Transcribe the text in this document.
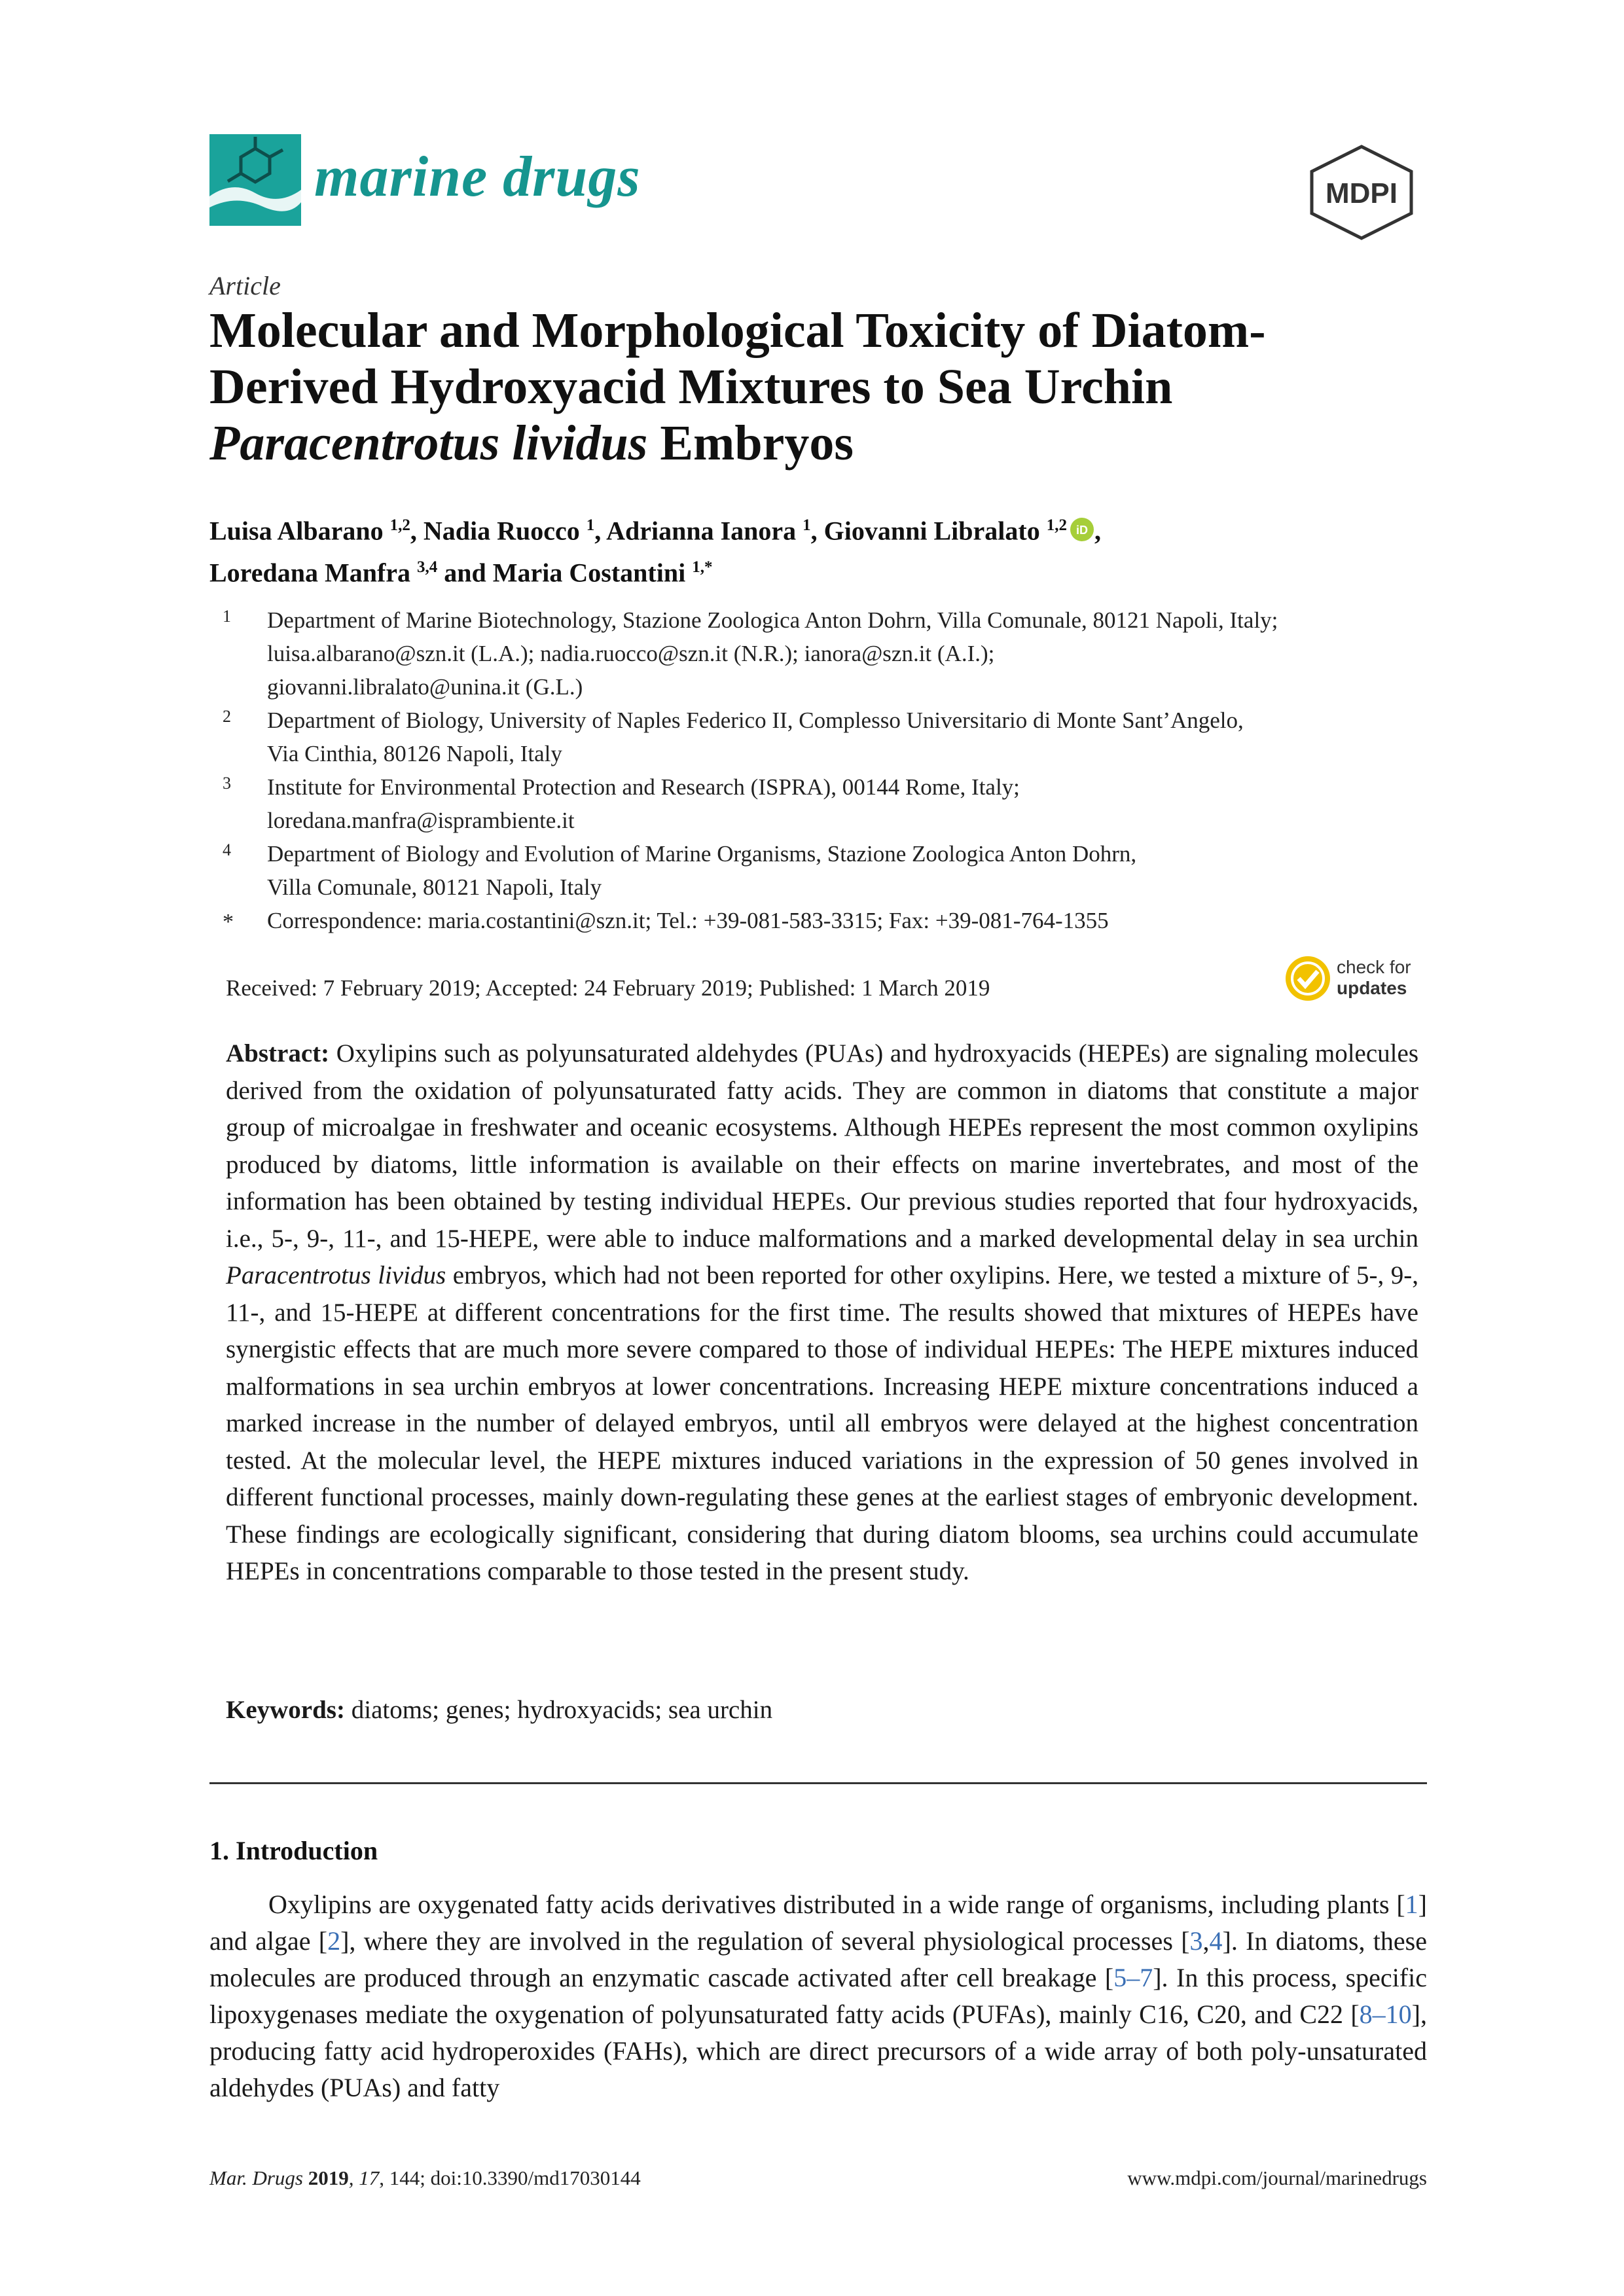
marine drugs	MDPI
Article
Molecular and Morphological Toxicity of Diatom-
Derived Hydroxyacid Mixtures to Sea Urchin
Paracentrotus lividus Embryos
Luisa Albarano $^{1,2}$, Nadia Ruocco $^1$, Adrianna Ianora $^1$, Giovanni Libralato $^{1,2}$ iD ,
Loredana Manfra $^{3,4}$ and Maria Costantini $^{1,*}$
1 Department of Marine Biotechnology, Stazione Zoologica Anton Dohrn, Villa Comunale, 80121 Napoli, Italy;
luisa.albarano@szn.it (L.A.); nadia.ruocco@szn.it (N.R.); ianora@szn.it (A.I.);
giovanni.libralato@unina.it (G.L.)
2 Department of Biology, University of Naples Federico II, Complesso Universitario di Monte Sant’Angelo,
Via Cinthia, 80126 Napoli, Italy
3 Institute for Environmental Protection and Research (ISPRA), 00144 Rome, Italy;
loredana.manfra@isprambiente.it
4 Department of Biology and Evolution of Marine Organisms, Stazione Zoologica Anton Dohrn,
Villa Comunale, 80121 Napoli, Italy
* Correspondence: maria.costantini@szn.it; Tel.: +39-081-583-3315; Fax: +39-081-764-1355
Received: 7 February 2019; Accepted: 24 February 2019; Published: 1 March 2019
check for
updates
Abstract: Oxylipins such as polyunsaturated aldehydes (PUAs) and hydroxyacids (HEPEs) are signaling molecules derived from the oxidation of polyunsaturated fatty acids. They are common in diatoms that constitute a major group of microalgae in freshwater and oceanic ecosystems. Although HEPEs represent the most common oxylipins produced by diatoms, little information is available on their effects on marine invertebrates, and most of the information has been obtained by testing individual HEPEs. Our previous studies reported that four hydroxyacids, i.e., 5-, 9-, 11-, and 15-HEPE, were able to induce malformations and a marked developmental delay in sea urchin Paracentrotus lividus embryos, which had not been reported for other oxylipins. Here, we tested a mixture of 5-, 9-, 11-, and 15-HEPE at different concentrations for the first time. The results showed that mixtures of HEPEs have synergistic effects that are much more severe compared to those of individual HEPEs: The HEPE mixtures induced malformations in sea urchin embryos at lower concentrations. Increasing HEPE mixture concentrations induced a marked increase in the number of delayed embryos, until all embryos were delayed at the highest concentration tested. At the molecular level, the HEPE mixtures induced variations in the expression of 50 genes involved in different functional processes, mainly down-regulating these genes at the earliest stages of embryonic development. These findings are ecologically significant, considering that during diatom blooms, sea urchins could accumulate HEPEs in concentrations comparable to those tested in the present study.
Keywords: diatoms; genes; hydroxyacids; sea urchin
1. Introduction
Oxylipins are oxygenated fatty acids derivatives distributed in a wide range of organisms, including plants [1] and algae [2], where they are involved in the regulation of several physiological processes [3,4]. In diatoms, these molecules are produced through an enzymatic cascade activated after cell breakage [5–7]. In this process, specific lipoxygenases mediate the oxygenation of polyunsaturated fatty acids (PUFAs), mainly C16, C20, and C22 [8–10], producing fatty acid hydroperoxides (FAHs), which are direct precursors of a wide array of both poly-unsaturated aldehydes (PUAs) and fatty
Mar. Drugs 2019, 17, 144; doi:10.3390/md17030144	www.mdpi.com/journal/marinedrugs
